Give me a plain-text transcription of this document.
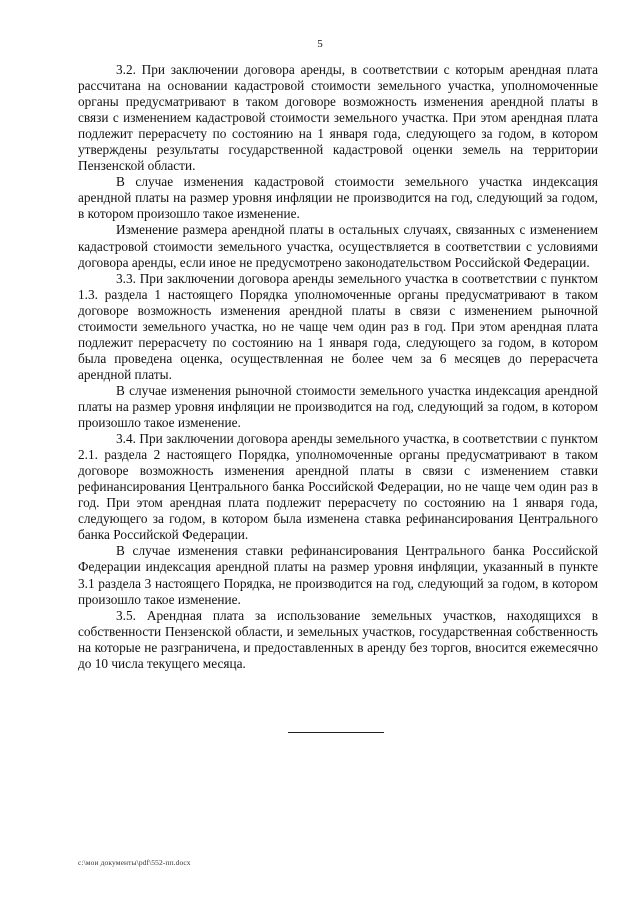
5

3.2. При заключении договора аренды, в соответствии с которым арендная плата рассчитана на основании кадастровой стоимости земельного участка, уполномоченные органы предусматривают в таком договоре возможность изменения арендной платы в связи с изменением кадастровой стоимости земельного участка. При этом арендная плата подлежит перерасчету по состоянию на 1 января года, следующего за годом, в котором утверждены результаты государственной кадастровой оценки земель на территории Пензенской области.

В случае изменения кадастровой стоимости земельного участка индексация арендной платы на размер уровня инфляции не производится на год, следующий за годом, в котором произошло такое изменение.

Изменение размера арендной платы в остальных случаях, связанных с изменением кадастровой стоимости земельного участка, осуществляется в соответствии с условиями договора аренды, если иное не предусмотрено законодательством Российской Федерации.

3.3. При заключении договора аренды земельного участка в соответствии с пунктом 1.3. раздела 1 настоящего Порядка уполномоченные органы предусматривают в таком договоре возможность изменения арендной платы в связи с изменением рыночной стоимости земельного участка, но не чаще чем один раз в год. При этом арендная плата подлежит перерасчету по состоянию на 1 января года, следующего за годом, в котором была проведена оценка, осуществленная не более чем за 6 месяцев до перерасчета арендной платы.

В случае изменения рыночной стоимости земельного участка индексация арендной платы на размер уровня инфляции не производится на год, следующий за годом, в котором произошло такое изменение.

3.4. При заключении договора аренды земельного участка, в соответствии с пунктом 2.1. раздела 2 настоящего Порядка, уполномоченные органы предусматривают в таком договоре возможность изменения арендной платы в связи с изменением ставки рефинансирования Центрального банка Российской Федерации, но не чаще чем один раз в год. При этом арендная плата подлежит перерасчету по состоянию на 1 января года, следующего за годом, в котором была изменена ставка рефинансирования Центрального банка Российской Федерации.

В случае изменения ставки рефинансирования Центрального банка Российской Федерации индексация арендной платы на размер уровня инфляции, указанный в пункте 3.1 раздела 3 настоящего Порядка, не производится на год, следующий за годом, в котором произошло такое изменение.

3.5. Арендная плата за использование земельных участков, находящихся в собственности Пензенской области, и земельных участков, государственная собственность на которые не разграничена, и предоставленных в аренду без торгов, вносится ежемесячно до 10 числа текущего месяца.

c:\мои документы\pdf\552-пп.docx
